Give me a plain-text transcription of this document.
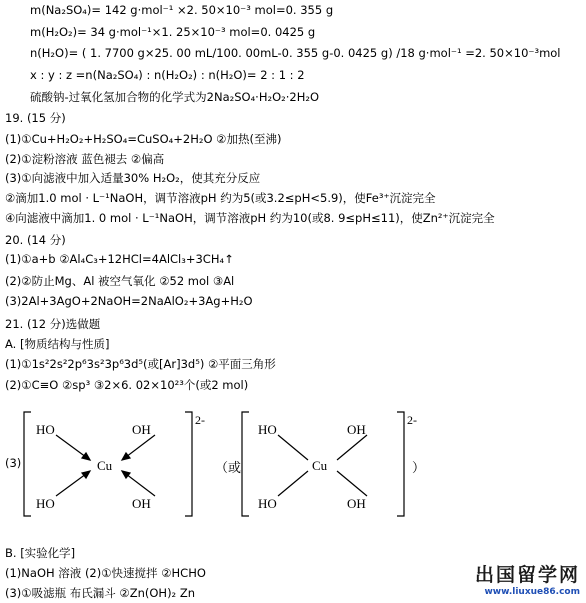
m(Na₂SO₄)= 142 g·mol⁻¹ ×2. 50×10⁻³ mol=0. 355 g
m(H₂O₂)= 34 g·mol⁻¹×1. 25×10⁻³ mol=0. 0425 g
n(H₂O)= ( 1. 7700 g×25. 00 mL/100. 00mL-0. 355 g-0. 0425 g) /18 g·mol⁻¹ =2. 50×10⁻³mol
x : y : z =n(Na₂SO₄) : n(H₂O₂) : n(H₂O)= 2 : 1 : 2
硫酸钠-过氧化氢加合物的化学式为2Na₂SO₄·H₂O₂·2H₂O
19. (15 分)
(1)①Cu+H₂O₂+H₂SO₄=CuSO₄+2H₂O ②加热(至沸)
(2)①淀粉溶液 蓝色褪去 ②偏高
(3)①向滤液中加入适量30% H₂O₂，使其充分反应
②滴加1.0 mol · L⁻¹NaOH，调节溶液pH 约为5(或3.2≤pH<5.9)，使Fe³⁺沉淀完全
④向滤液中滴加1. 0 mol · L⁻¹NaOH，调节溶液pH 约为10(或8. 9≤pH≤11)，使Zn²⁺沉淀完全
20. (14 分)
(1)①a+b ②Al₄C₃+12HCl=4AlCl₃+3CH₄↑
(2)②防止Mg、Al 被空气氧化 ②52 mol ③Al
(3)2Al+3AgO+2NaOH=2NaAlO₂+3Ag+H₂O
21. (12 分)选做题
A. [物质结构与性质]
(1)①1s²2s²2p⁶3s²3p⁶3d⁵(或[Ar]3d⁵) ②平面三角形
(2)①C≡O ②sp³ ③2×6. 02×10²³个(或2 mol)
(3)
HO	OH
Cu
HO	OH
2-
（或
HO	OH
Cu
HO	OH
2-
）
B. [实验化学]
(1)NaOH 溶液 (2)①快速搅拌 ②HCHO
(3)①吸滤瓶 布氏漏斗 ②Zn(OH)₂ Zn
出国留学网
www.liuxue86.com
